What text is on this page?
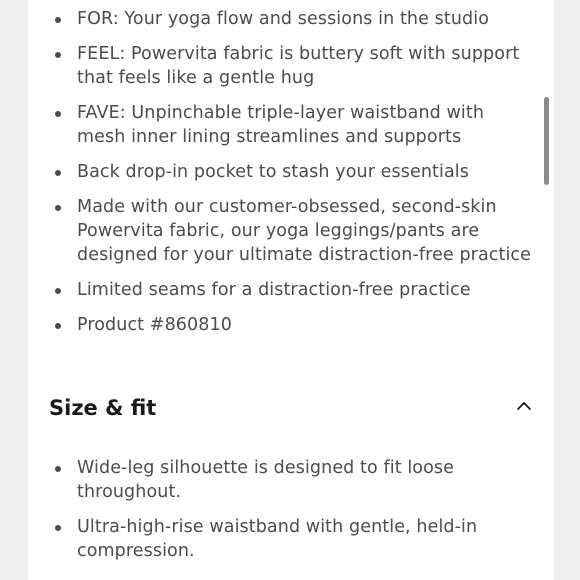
FOR: Your yoga flow and sessions in the studio
FEEL: Powervita fabric is buttery soft with support that feels like a gentle hug
FAVE: Unpinchable triple-layer waistband with mesh inner lining streamlines and supports
Back drop-in pocket to stash your essentials
Made with our customer-obsessed, second-skin Powervita fabric, our yoga leggings/pants are designed for your ultimate distraction-free practice
Limited seams for a distraction-free practice
Product #860810
Size & fit
Wide-leg silhouette is designed to fit loose throughout.
Ultra-high-rise waistband with gentle, held-in compression.
